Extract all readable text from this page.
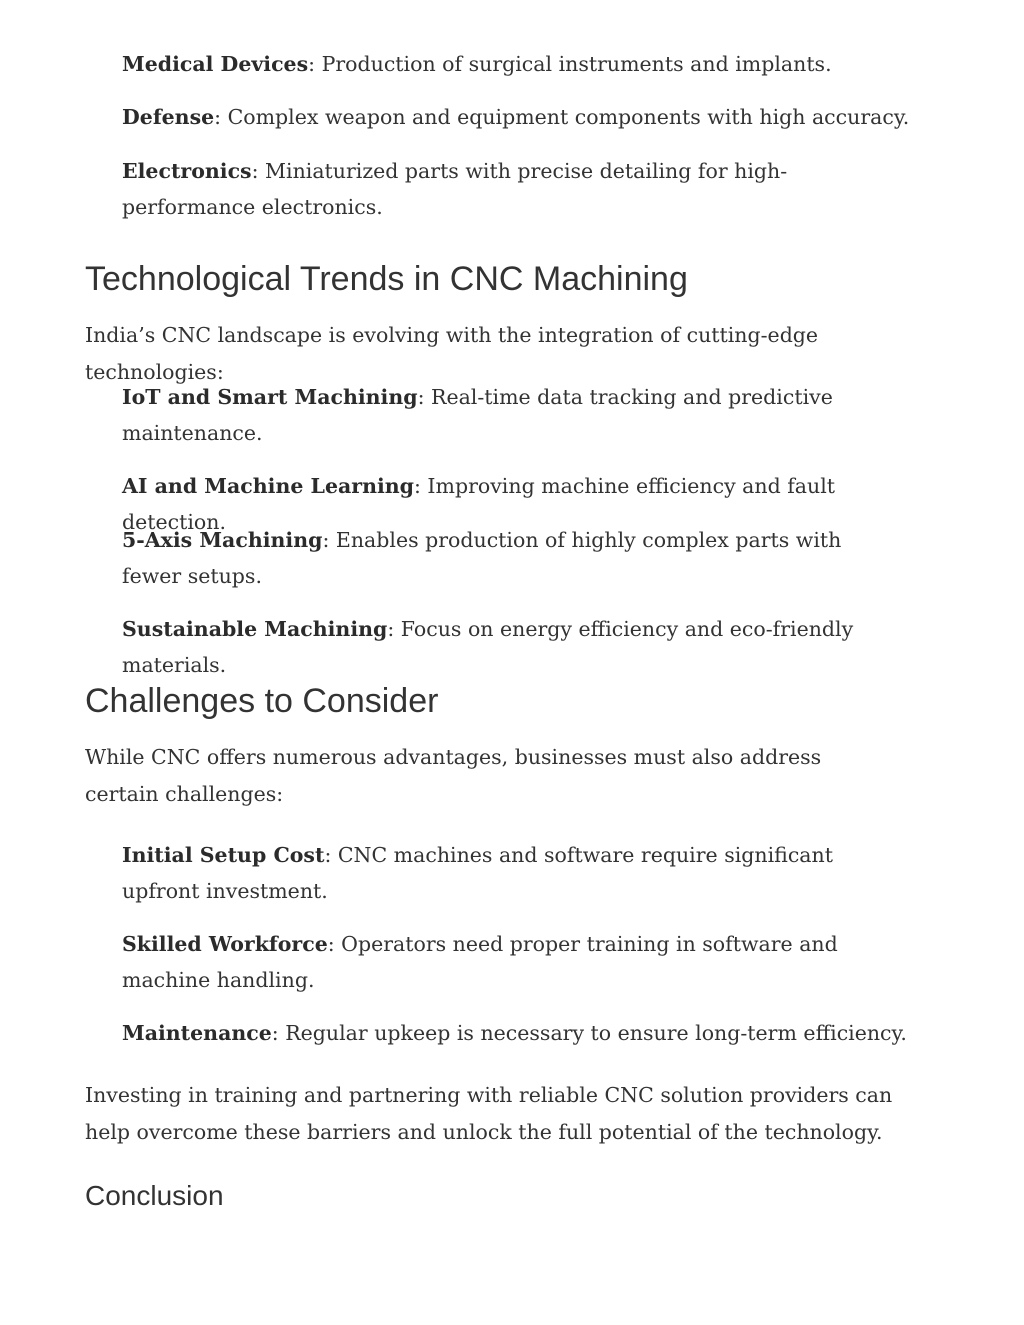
Medical Devices: Production of surgical instruments and implants.

Defense: Complex weapon and equipment components with high accuracy.

Electronics: Miniaturized parts with precise detailing for high-performance electronics.

Technological Trends in CNC Machining

India’s CNC landscape is evolving with the integration of cutting-edge technologies:

IoT and Smart Machining: Real-time data tracking and predictive maintenance.

AI and Machine Learning: Improving machine efficiency and fault detection.

5-Axis Machining: Enables production of highly complex parts with fewer setups.

Sustainable Machining: Focus on energy efficiency and eco-friendly materials.

Challenges to Consider

While CNC offers numerous advantages, businesses must also address certain challenges:

Initial Setup Cost: CNC machines and software require significant upfront investment.

Skilled Workforce: Operators need proper training in software and machine handling.

Maintenance: Regular upkeep is necessary to ensure long-term efficiency.

Investing in training and partnering with reliable CNC solution providers can help overcome these barriers and unlock the full potential of the technology.

Conclusion
